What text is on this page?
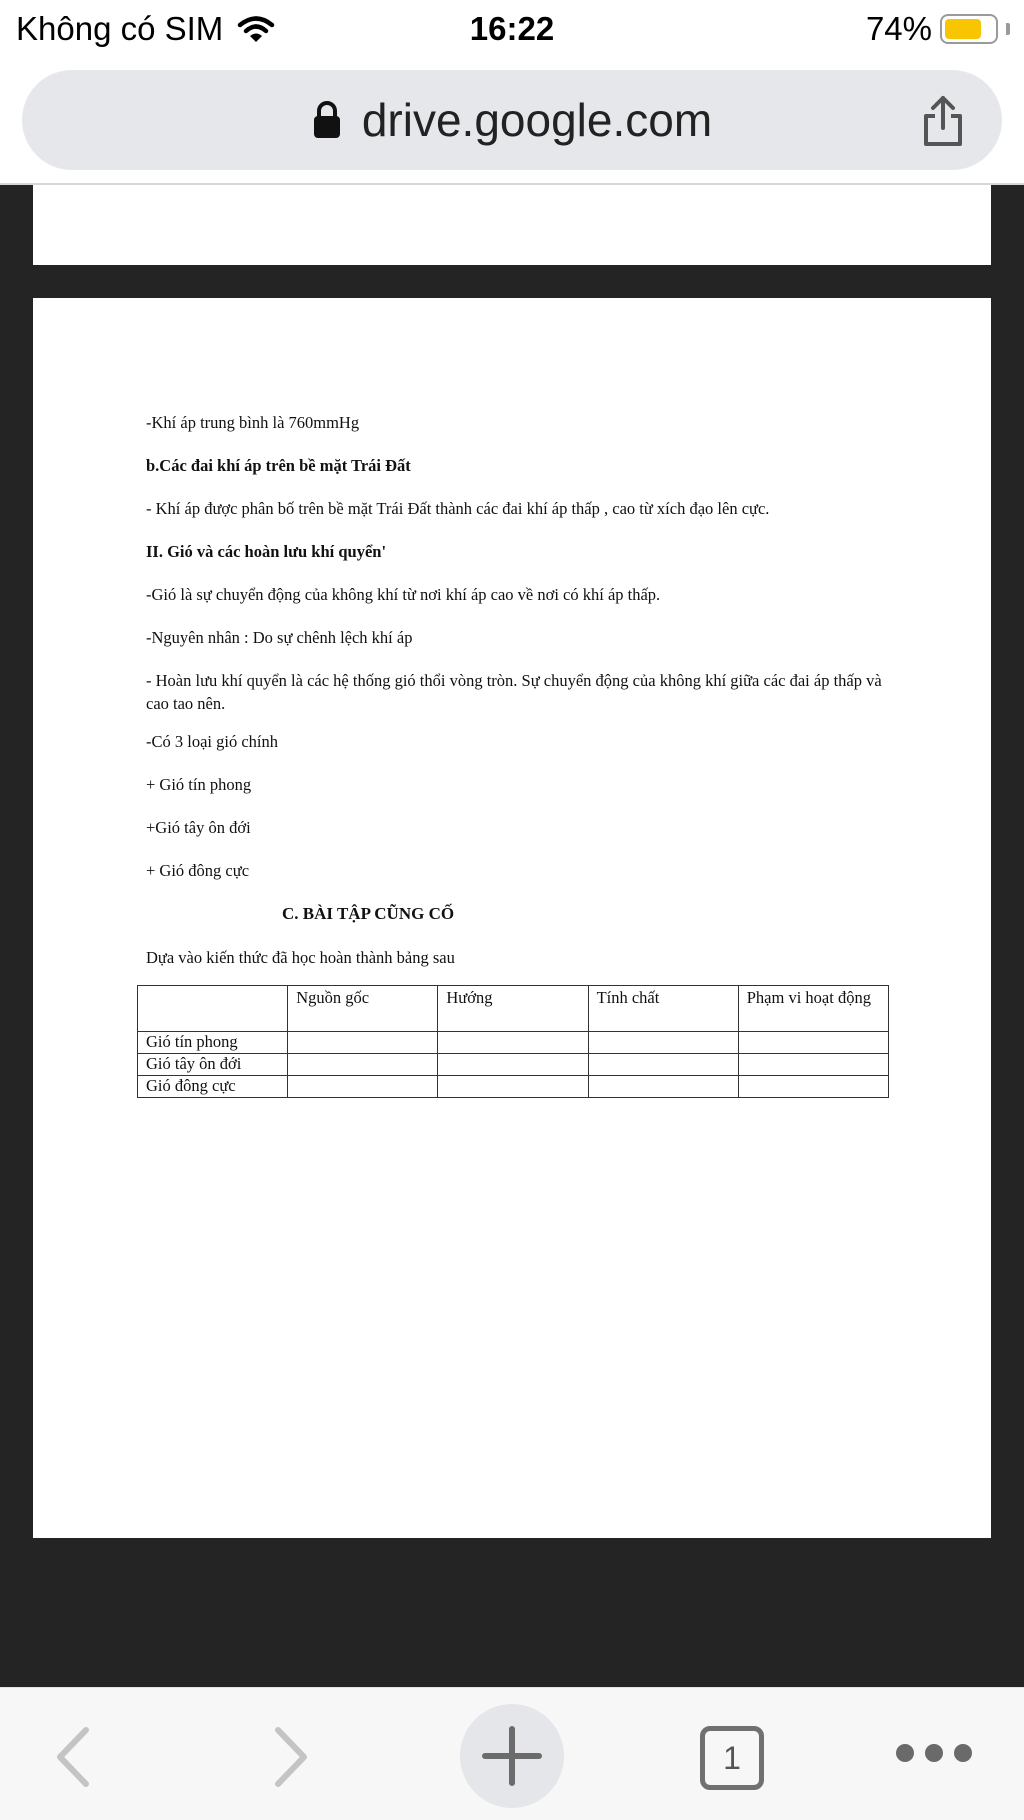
Không có SIM	16:22	74%
drive.google.com

-Khí áp trung bình là 760mmHg

b.Các đai khí áp trên bề mặt Trái Đất

- Khí áp được phân bố trên bề mặt Trái Đất thành các đai khí áp thấp , cao từ xích đạo lên cực.

II. Gió và các hoàn lưu khí quyển'

-Gió là sự chuyển động của không khí từ nơi khí áp cao về nơi có khí áp thấp.

-Nguyên nhân : Do sự chênh lệch khí áp

- Hoàn lưu khí quyển là các hệ thống gió thổi vòng tròn. Sự chuyển động của không khí giữa các đai áp thấp và cao tao nên.

-Có 3 loại gió chính

+ Gió tín phong

+Gió tây ôn đới

+ Gió đông cực

C. BÀI TẬP CŨNG CỐ

Dựa vào kiến thức đã học hoàn thành bảng sau

	Nguồn gốc	Hướng	Tính chất	Phạm vi hoạt động
Gió tín phong				
Gió tây ôn đới				
Gió đông cực				
1
